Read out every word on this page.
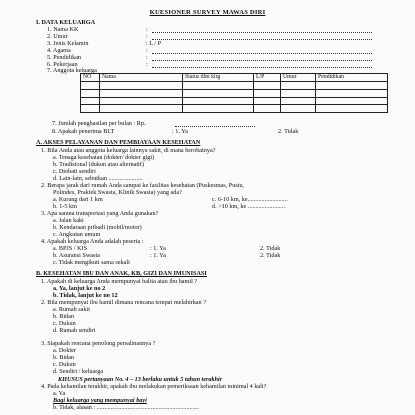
KUESIONER SURVEY MAWAS DIRI
I. DATA KELUARGA
1. Nama KK	:
2. Umur	:
3. Jenis Kelamin	: L / P
4. Agama	:
5. Pendidikan	:
6. Pekerjaan	:
7. Anggota keluarga
NO	Nama	Status dlm klrg	L/P	Umur	Pendidikan

7. Jumlah penghasilan per bulan : Rp.
8. Apakah penerima BLT	: 1. Ya	2. Tidak
A. AKSES PELAYANAN DAN PEMBIAYAAN KESEHATAN
1. Bila Anda atau anggota keluarga lainnya sakit, di mana berobatnya?
a. Tenaga kesehatan (dokter/ dokter gigi)
b. Tradisional (dukun atau alternatif)
c. Diobati sendiri
d. Lain-lain, sebutkan ......................
2. Berapa jarak dari rumah Anda sampai ke fasilitas kesehatan (Puskesmas, Pustu,
Polindes, Praktek Swasta, Klinik Swasta) yang ada?
a. Kurang dari 1 km	c. 6-10 km, ke..........................
b. 1-5 km	d. >10 km, ke ........................
3. Apa sarana transportasi yang Anda gunakan?
a. Jalan kaki
b. Kendaraan pribadi (mobil/motor)
c. Angkutan umum
4. Apakah keluarga Anda adalah peserta :
a. BPJS / KIS	: 1. Ya	2. Tidak
b. Asuransi Swasta	: 1. Ya	2. Tidak
c. Tidak mengikuti sama sekali
B. KESEHATAN IBU DAN ANAK, KB, GIZI DAN IMUNISASI
1. Apakah di keluarga Anda mempunyai balita atau ibu hamil ?
a. Ya, lanjut ke no 2
b. Tidak, lanjut ke no 12
2. Bila mempunyai ibu hamil dimana rencana tempat melahirkan ?
a. Rumah sakit
b. Bidan
c. Dukun
d. Rumah sendiri
3. Siapakah rencana penolong persalinannya ?
a. Dokter
b. Bidan
c. Dukun
d. Sendiri / keluarga
KHUSUS pertanyaan No. 4 – 13 berlaku untuk 5 tahun terakhir
4. Pada kehamilan terakhir, apakah ibu melakukan pemeriksaan kehamilan minimal 4 kali?
a. Ya
Bagi keluarga yang mempunyai bayi
b. Tidak, alasan : ..................................................................
